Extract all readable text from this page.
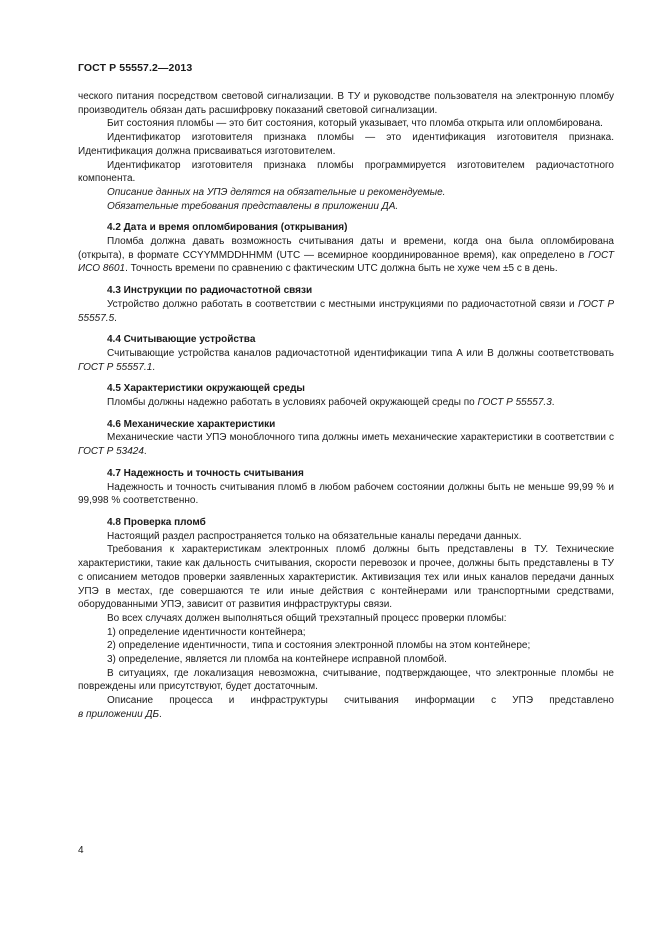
ГОСТ Р 55557.2—2013

ческого питания посредством световой сигнализации. В ТУ и руководстве пользователя на электронную пломбу производитель обязан дать расшифровку показаний световой сигнализации.

Бит состояния пломбы — это бит состояния, который указывает, что пломба открыта или опломбирована.

Идентификатор изготовителя признака пломбы — это идентификация изготовителя признака. Идентификация должна присваиваться изготовителем.

Идентификатор изготовителя признака пломбы программируется изготовителем радиочастотного компонента.

Описание данных на УПЭ делятся на обязательные и рекомендуемые.

Обязательные требования представлены в приложении ДА.

4.2 Дата и время опломбирования (открывания)

Пломба должна давать возможность считывания даты и времени, когда она была опломбирована (открыта), в формате CCYYMMDDHHMM (UTC — всемирное координированное время), как определено в ГОСТ ИСО 8601. Точность времени по сравнению с фактическим UTC должна быть не хуже чем ±5 с в день.

4.3 Инструкции по радиочастотной связи

Устройство должно работать в соответствии с местными инструкциями по радиочастотной связи и ГОСТ Р 55557.5.

4.4 Считывающие устройства

Считывающие устройства каналов радиочастотной идентификации типа A или B должны соответствовать ГОСТ Р 55557.1.

4.5 Характеристики окружающей среды

Пломбы должны надежно работать в условиях рабочей окружающей среды по ГОСТ Р 55557.3.

4.6 Механические характеристики

Механические части УПЭ моноблочного типа должны иметь механические характеристики в соответствии с ГОСТ Р 53424.

4.7 Надежность и точность считывания

Надежность и точность считывания пломб в любом рабочем состоянии должны быть не меньше 99,99 % и 99,998 % соответственно.

4.8 Проверка пломб

Настоящий раздел распространяется только на обязательные каналы передачи данных.

Требования к характеристикам электронных пломб должны быть представлены в ТУ. Технические характеристики, такие как дальность считывания, скорости перевозок и прочее, должны быть представлены в ТУ с описанием методов проверки заявленных характеристик. Активизация тех или иных каналов передачи данных УПЭ в местах, где совершаются те или иные действия с контейнерами или транспортными средствами, оборудованными УПЭ, зависит от развития инфраструктуры связи.

Во всех случаях должен выполняться общий трехэтапный процесс проверки пломбы:

1) определение идентичности контейнера;

2) определение идентичности, типа и состояния электронной пломбы на этом контейнере;

3) определение, является ли пломба на контейнере исправной пломбой.

В ситуациях, где локализация невозможна, считывание, подтверждающее, что электронные пломбы не повреждены или присутствуют, будет достаточным.

Описание процесса и инфраструктуры считывания информации с УПЭ представлено

в приложении ДБ.

4
